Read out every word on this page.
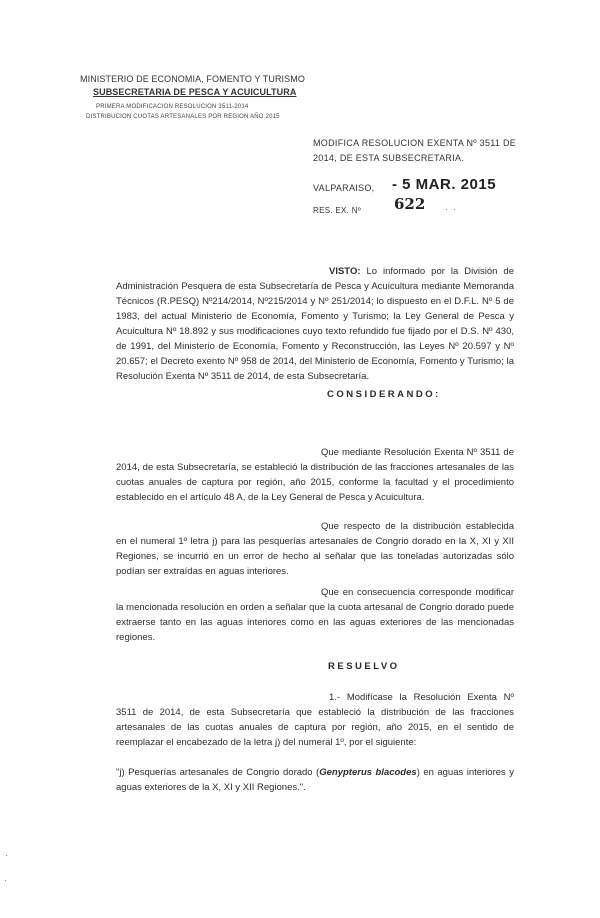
MINISTERIO DE ECONOMIA, FOMENTO Y TURISMO
SUBSECRETARIA DE PESCA Y ACUICULTURA
PRIMERA MODIFICACION RESOLUCION 3511-2014
DISTRIBUCION CUOTAS ARTESANALES POR REGION AÑO 2015
MODIFICA RESOLUCION EXENTA Nº 3511 DE
2014, DE ESTA SUBSECRETARIA.
VALPARAISO, - 5 MAR. 2015
RES. EX. Nº 622
VISTO: Lo informado por la División de Administración Pesquera de esta Subsecretaría de Pesca y Acuicultura mediante Memoranda Técnicos (R.PESQ) Nº214/2014, Nº215/2014 y Nº 251/2014; lo dispuesto en el D.F.L. Nº 5 de 1983, del actual Ministerio de Economía, Fomento y Turismo; la Ley General de Pesca y Acuicultura Nº 18.892 y sus modificaciones cuyo texto refundido fue fijado por el D.S. Nº 430, de 1991, del Ministerio de Economía, Fomento y Reconstrucción, las Leyes Nº 20.597 y Nº 20.657; el Decreto exento Nº 958 de 2014, del Ministerio de Economía, Fomento y Turismo; la Resolución Exenta Nº 3511 de 2014, de esta Subsecretaría.
CONSIDERANDO:
Que mediante Resolución Exenta Nº 3511 de 2014, de esta Subsecretaría, se estableció la distribución de las fracciones artesanales de las cuotas anuales de captura por región, año 2015, conforme la facultad y el procedimiento establecido en el artículo 48 A, de la Ley General de Pesca y Acuicultura.
Que respecto de la distribución establecida en el numeral 1º letra j) para las pesquerías artesanales de Congrio dorado en la X, XI y XII Regiones, se incurrió en un error de hecho al señalar que las toneladas autorizadas sólo podían ser extraídas en aguas interiores.
Que en consecuencia corresponde modificar la mencionada resolución en orden a señalar que la cuota artesanal de Congrio dorado puede extraerse tanto en las aguas interiores como en las aguas exteriores de las mencionadas regiones.
RESUELVO
1.- Modifícase la Resolución Exenta Nº 3511 de 2014, de esta Subsecretaría que estableció la distribución de las fracciones artesanales de las cuotas anuales de captura por región, año 2015, en el sentido de reemplazar el encabezado de la letra j) del numeral 1º, por el siguiente:
"j) Pesquerías artesanales de Congrio dorado (Genypterus blacodes) en aguas interiores y aguas exteriores de la X, XI y XII Regiones.".
